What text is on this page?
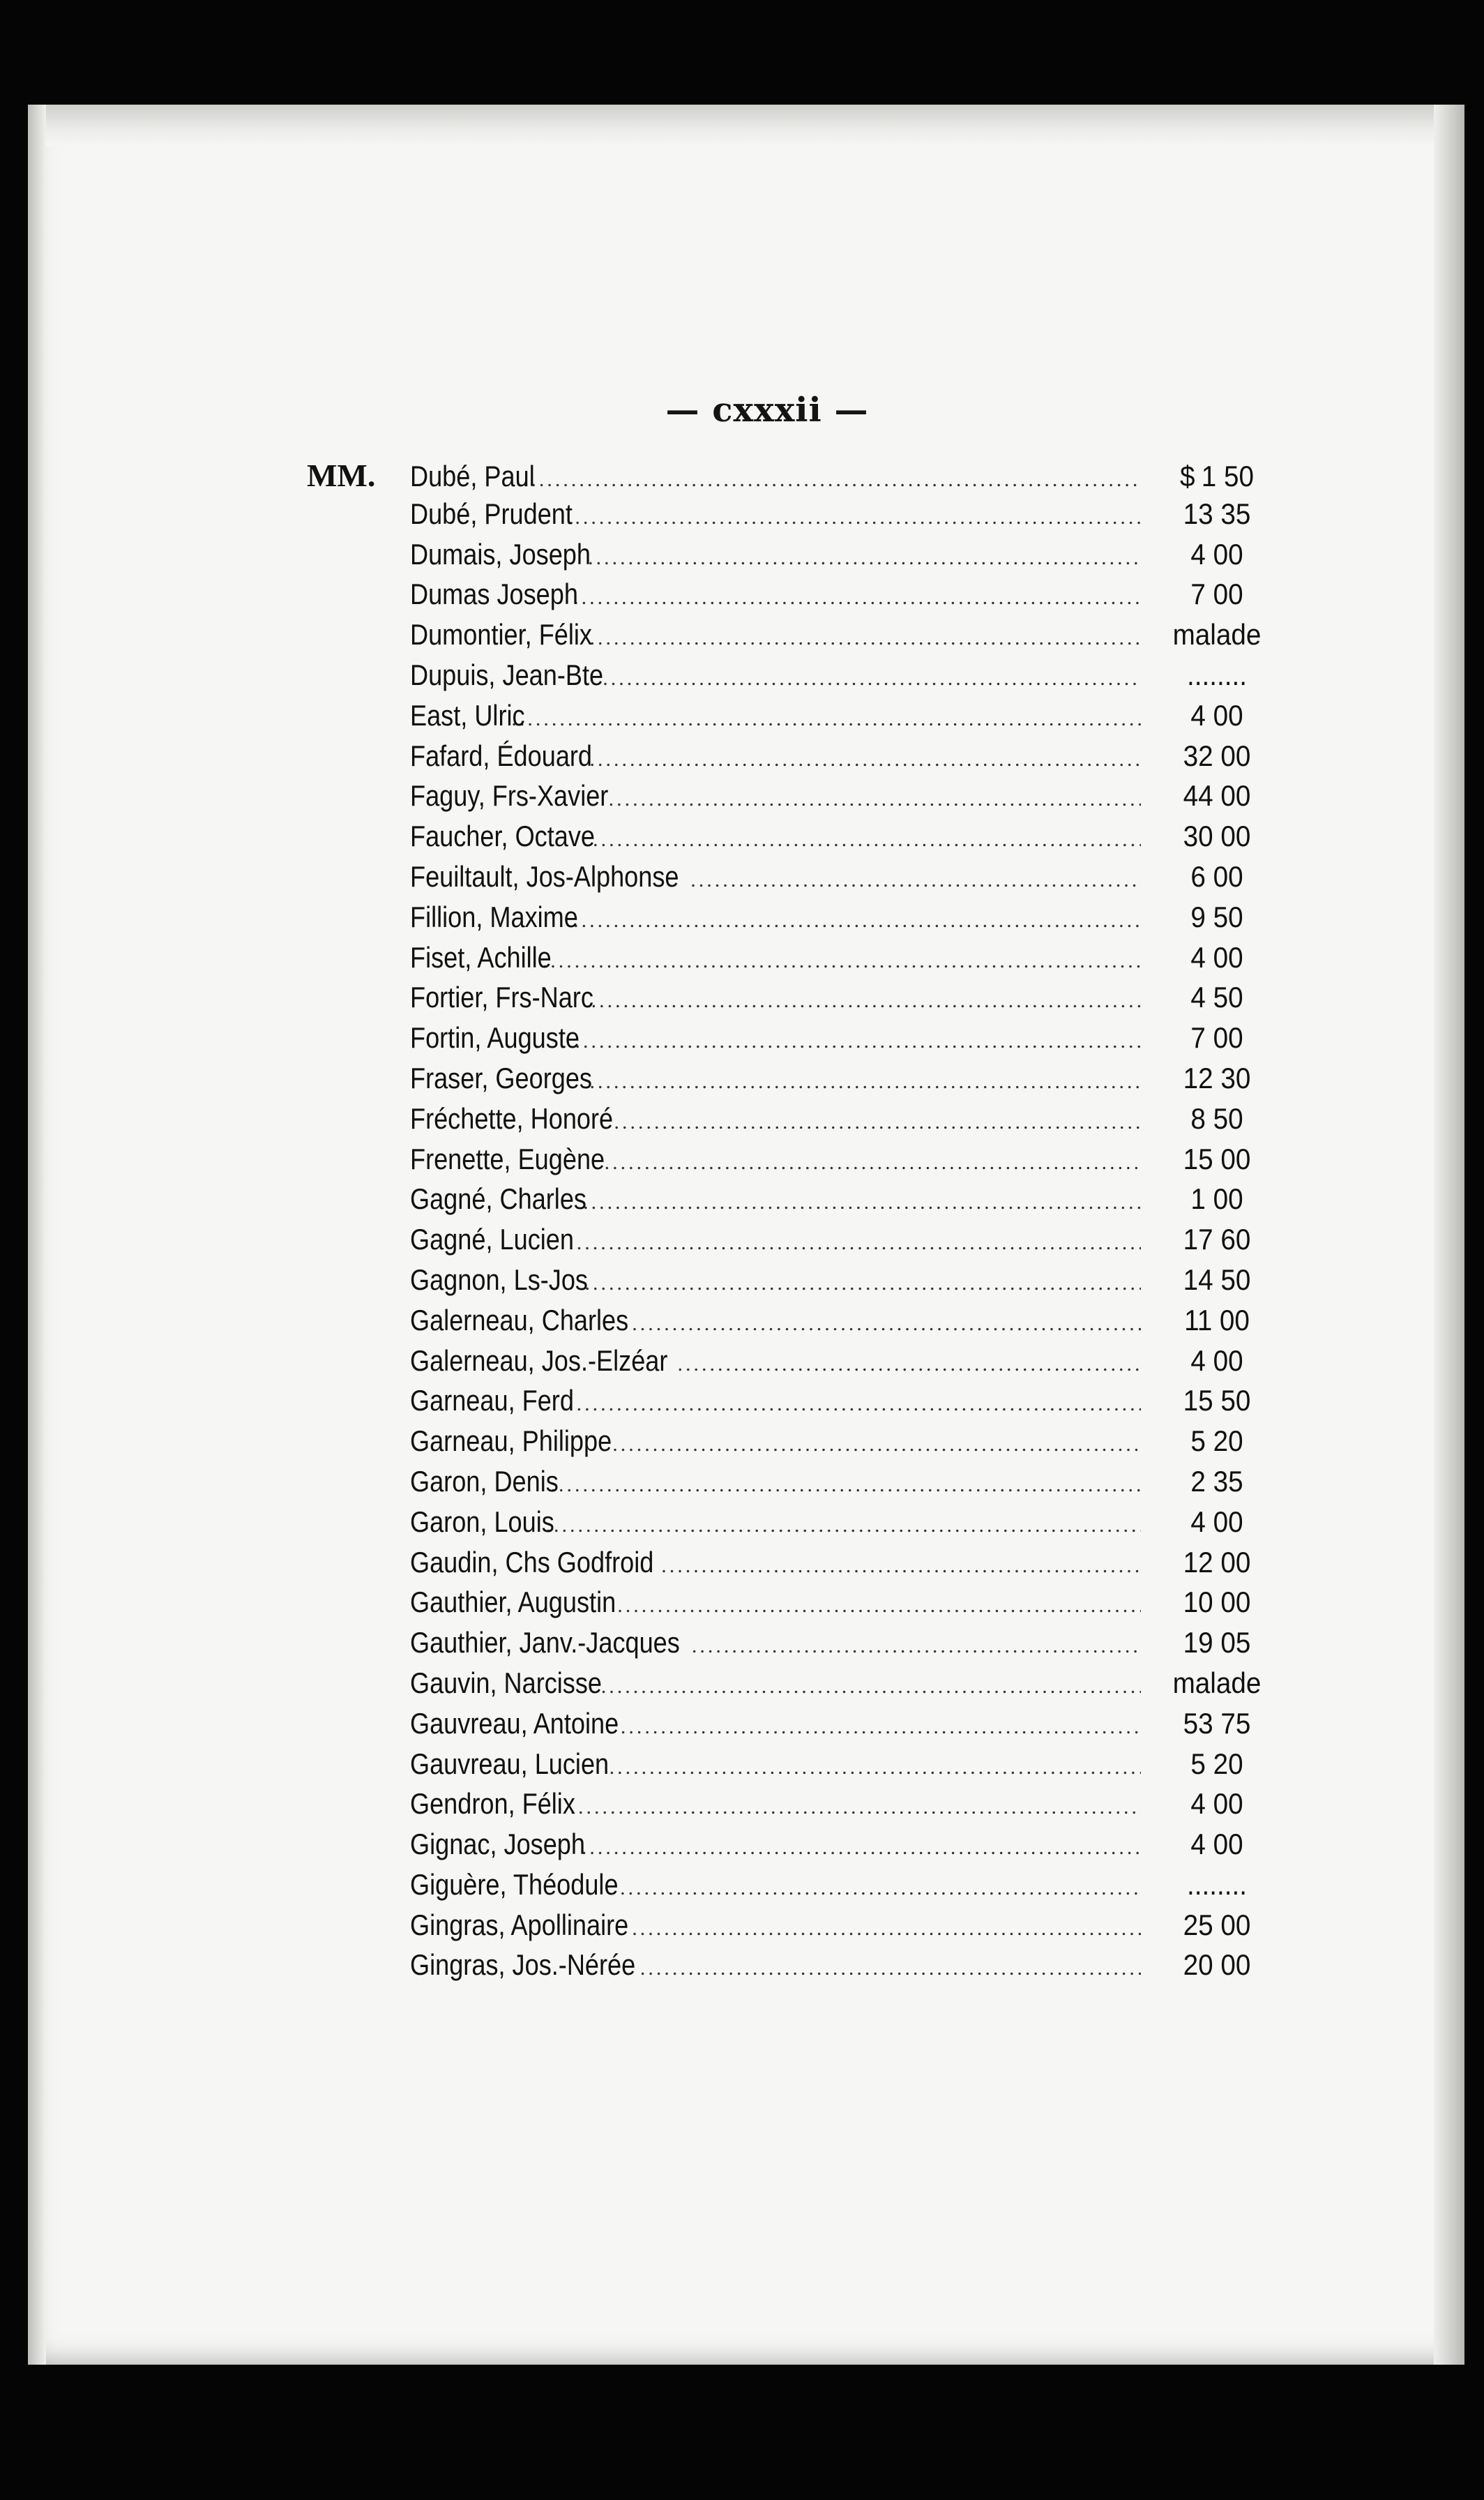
— cxxxii —
MM.	Dubé, Paul .....	$ 1 50
Dubé, Prudent .....	13 35
Dumais, Joseph .....	4 00
Dumas Joseph .....	7 00
Dumontier, Félix .....	malade
Dupuis, Jean-Bte .....	........
East, Ulric .....	4 00
Fafard, Édouard .....	32 00
Faguy, Frs-Xavier .....	44 00
Faucher, Octave .....	30 00
Feuiltault, Jos-Alphonse .....	6 00
Fillion, Maxime .....	9 50
Fiset, Achille .....	4 00
Fortier, Frs-Narc .....	4 50
Fortin, Auguste .....	7 00
Fraser, Georges .....	12 30
Fréchette, Honoré .....	8 50
Frenette, Eugène .....	15 00
Gagné, Charles .....	1 00
Gagné, Lucien .....	17 60
Gagnon, Ls-Jos .....	14 50
Galerneau, Charles .....	11 00
Galerneau, Jos.-Elzéar .....	4 00
Garneau, Ferd .....	15 50
Garneau, Philippe .....	5 20
Garon, Denis .....	2 35
Garon, Louis .....	4 00
Gaudin, Chs Godfroid .....	12 00
Gauthier, Augustin .....	10 00
Gauthier, Janv.-Jacques .....	19 05
Gauvin, Narcisse .....	malade
Gauvreau, Antoine .....	53 75
Gauvreau, Lucien .....	5 20
Gendron, Félix .....	4 00
Gignac, Joseph .....	4 00
Giguère, Théodule .....	........
Gingras, Apollinaire .....	25 00
Gingras, Jos.-Nérée .....	20 00
